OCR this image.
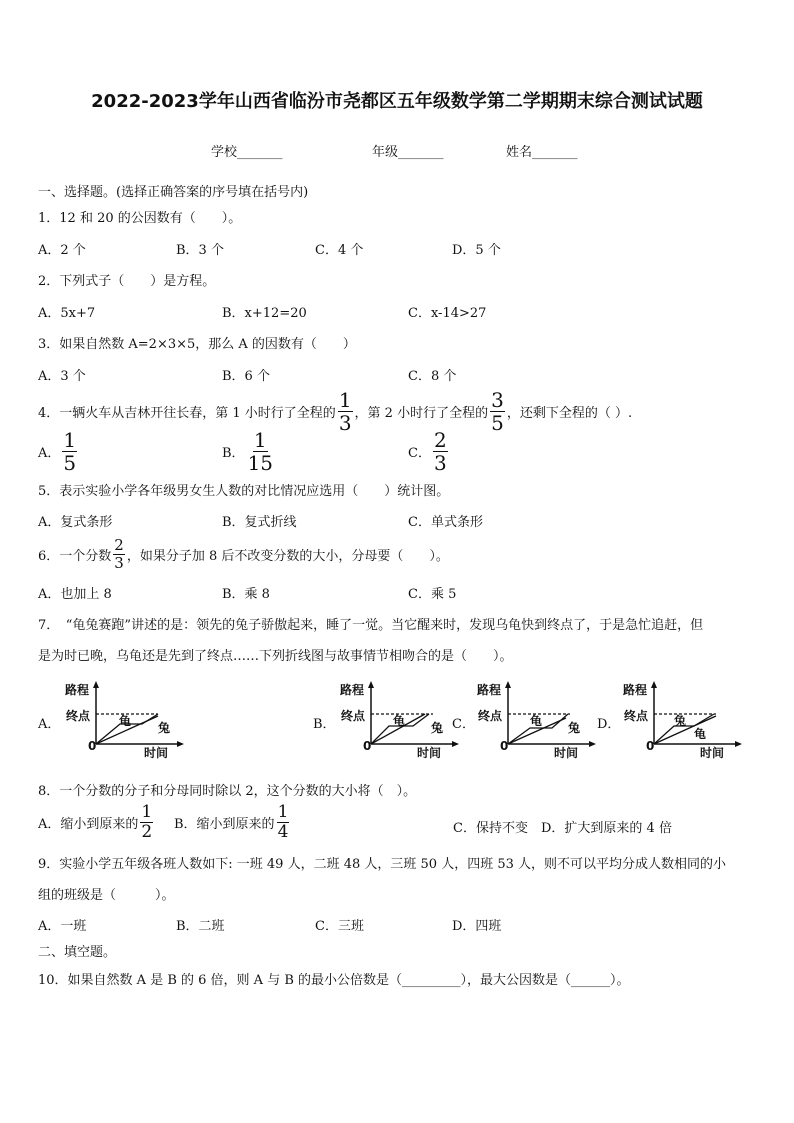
2022-2023学年山西省临汾市尧都区五年级数学第二学期期末综合测试试题
学校_______	年级_______	姓名_______
一、选择题。(选择正确答案的序号填在括号内)
1．12 和 20 的公因数有（　　）。
A．2 个	B．3 个	C．4 个	D．5 个
2．下列式子（　　）是方程。
A．5x+7	B．x+12=20	C．x-14>27
3．如果自然数 A=2×3×5，那么 A 的因数有（　　）
A．3 个	B．6 个	C．8 个
4．一辆火车从吉林开往长春，第 1 小时行了全程的 $\frac{1}{3}$ ，第 2 小时行了全程的 $\frac{3}{5}$ ，还剩下全程的（ ）.
A． $\frac{1}{5}$	B． $\frac{1}{15}$	C． $\frac{2}{3}$
5．表示实验小学各年级男女生人数的对比情况应选用（　　）统计图。
A．复式条形	B．复式折线	C．单式条形
6．一个分数 $\frac{2}{3}$ ，如果分子加 8 后不改变分数的大小，分母要（　　）。
A．也加上 8	B．乘 8	C．乘 5
7．　“龟兔赛跑”讲述的是：领先的兔子骄傲起来，睡了一觉。当它醒来时，发现乌龟快到终点了，于是急忙追赶，但
是为时已晚，乌龟还是先到了终点……下列折线图与故事情节相吻合的是（　　）。
A．	B．	C．	D．
路程
终点
0	时间
龟 兔
路程
终点
0	时间
龟 兔
路程
终点
0	时间
龟 兔
路程
终点
0	时间
兔
龟
8．一个分数的分子和分母同时除以 2，这个分数的大小将（　）。
A．缩小到原来的 $\frac{1}{2}$ B．缩小到原来的 $\frac{1}{4}$	C．保持不变 D．扩大到原来的 4 倍
9．实验小学五年级各班人数如下: 一班 49 人，二班 48 人，三班 50 人，四班 53 人，则不可以平均分成人数相同的小
组的班级是（　　　）。
A．一班	B．二班	C．三班	D．四班
二、填空题。
10．如果自然数 A 是 B 的 6 倍，则 A 与 B 的最小公倍数是（_________），最大公因数是（______）。
